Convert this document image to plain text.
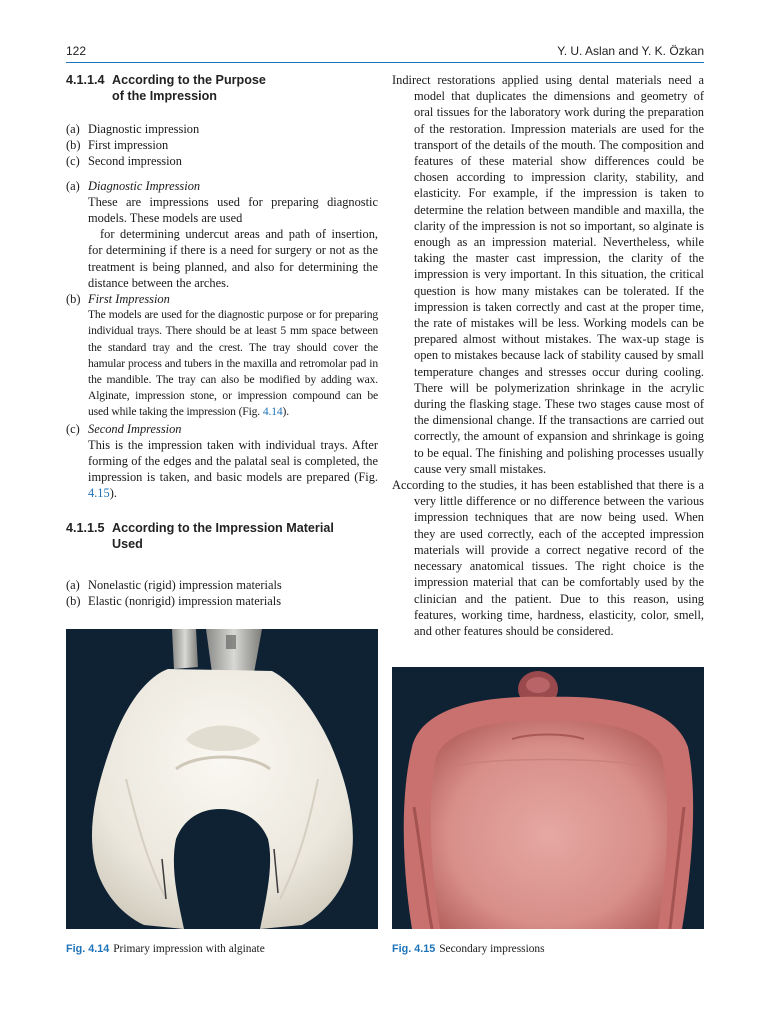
122	Y. U. Aslan and Y. K. Özkan
4.1.1.4 According to the Purpose
of the Impression
(a) Diagnostic impression
(b) First impression
(c) Second impression
(a) Diagnostic Impression

These are impressions used for preparing diagnostic models. These models are used

for determining undercut areas and path of insertion, for determining if there is a need for surgery or not as the treatment is being planned, and also for determining the distance between the arches.

(b) First Impression

The models are used for the diagnostic purpose or for preparing individual trays. There should be at least 5 mm space between the standard tray and the crest. The tray should cover the hamular process and tubers in the maxilla and retromolar pad in the mandible. The tray can also be modified by adding wax. Alginate, impression stone, or impression compound can be used while taking the impression (Fig. 4.14).

(c) Second Impression

This is the impression taken with individual trays. After forming of the edges and the palatal seal is completed, the impression is taken, and basic models are prepared (Fig. 4.15).

4.1.1.5 According to the Impression Material
Used
(a) Nonelastic (rigid) impression materials
(b) Elastic (nonrigid) impression materials

Indirect restorations applied using dental materials need a model that duplicates the dimensions and geometry of oral tissues for the laboratory work during the preparation of the restoration. Impression materials are used for the transport of the details of the mouth. The composition and features of these material show differences could be chosen according to impression clarity, stability, and elasticity. For example, if the impression is taken to determine the relation between mandible and maxilla, the clarity of the impression is not so important, so alginate is enough as an impression material. Nevertheless, while taking the master cast impression, the clarity of the impression is very important. In this situation, the critical question is how many mistakes can be tolerated. If the impression is taken correctly and cast at the proper time, the rate of mistakes will be less. Working models can be prepared almost without mistakes. The wax-up stage is open to mistakes because lack of stability caused by small temperature changes and stresses occur during cooling. There will be polymerization shrinkage in the acrylic during the flasking stage. These two stages cause most of the dimensional change. If the transactions are carried out correctly, the amount of expansion and shrinkage is going to be equal. The finishing and polishing processes usually cause very small mistakes.

According to the studies, it has been established that there is a very little difference or no difference between the various impression techniques that are now being used. When they are used correctly, each of the accepted impression materials will provide a correct negative record of the necessary anatomical tissues. The right choice is the impression material that can be comfortably used by the clinician and the patient. Due to this reason, using features, working time, hardness, elasticity, color, smell, and other features should be considered.

Fig. 4.14 Primary impression with alginate	Fig. 4.15 Secondary impressions
